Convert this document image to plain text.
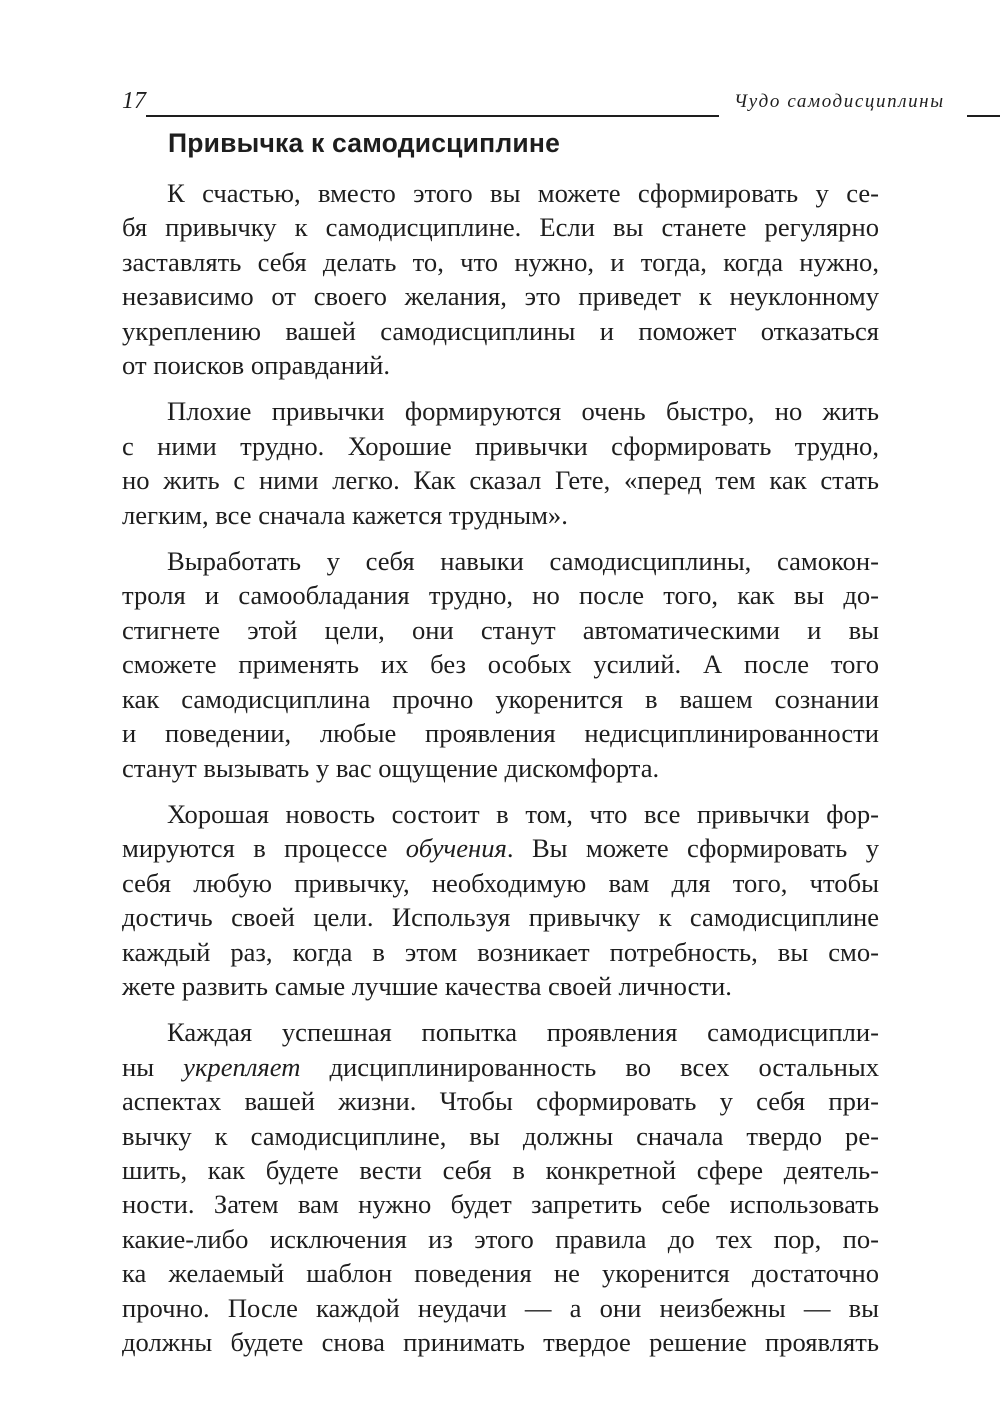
17	Чудо самодисциплины
Привычка к самодисциплине

К счастью, вместо этого вы можете сформировать у се-
бя привычку к самодисциплине. Если вы станете регулярно
заставлять себя делать то, что нужно, и тогда, когда нужно,
независимо от своего желания, это приведет к неуклонному
укреплению вашей самодисциплины и поможет отказаться
от поисков оправданий.

Плохие привычки формируются очень быстро, но жить
с ними трудно. Хорошие привычки сформировать трудно,
но жить с ними легко. Как сказал Гете, «перед тем как стать
легким, все сначала кажется трудным».

Выработать у себя навыки самодисциплины, самокон-
троля и самообладания трудно, но после того, как вы до-
стигнете этой цели, они станут автоматическими и вы
сможете применять их без особых усилий. А после того
как самодисциплина прочно укоренится в вашем сознании
и поведении, любые проявления недисциплинированности
станут вызывать у вас ощущение дискомфорта.

Хорошая новость состоит в том, что все привычки фор-
мируются в процессе обучения. Вы можете сформировать у
себя любую привычку, необходимую вам для того, чтобы
достичь своей цели. Используя привычку к самодисциплине
каждый раз, когда в этом возникает потребность, вы смо-
жете развить самые лучшие качества своей личности.

Каждая успешная попытка проявления самодисципли-
ны укрепляет дисциплинированность во всех остальных
аспектах вашей жизни. Чтобы сформировать у себя при-
вычку к самодисциплине, вы должны сначала твердо ре-
шить, как будете вести себя в конкретной сфере деятель-
ности. Затем вам нужно будет запретить себе использовать
какие-либо исключения из этого правила до тех пор, по-
ка желаемый шаблон поведения не укоренится достаточно
прочно. После каждой неудачи — а они неизбежны — вы
должны будете снова принимать твердое решение проявлять
